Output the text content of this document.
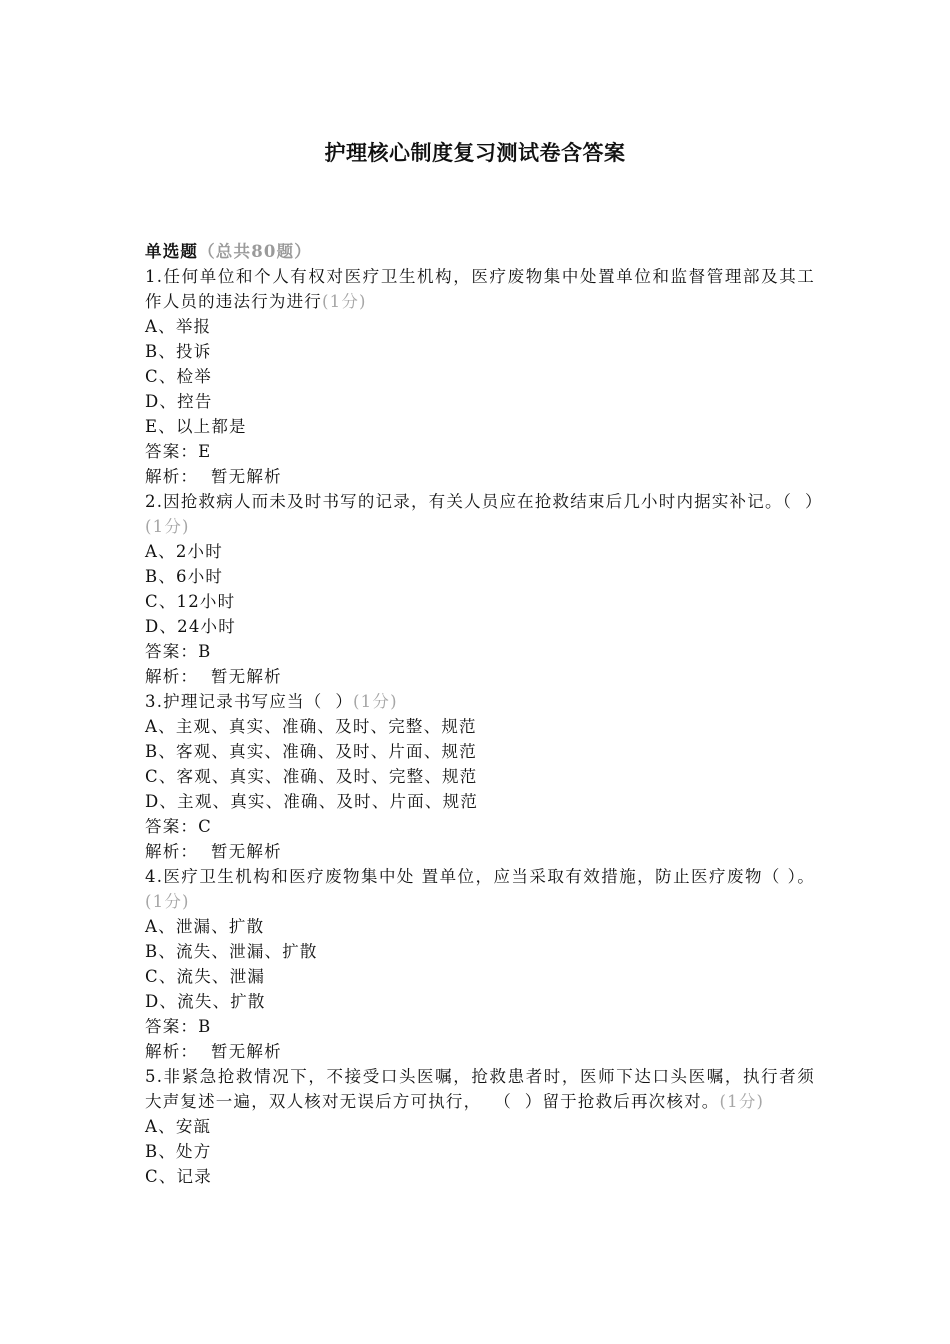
护理核心制度复习测试卷含答案
单选题（总共80题）
1.任何单位和个人有权对医疗卫生机构，医疗废物集中处置单位和监督管理部及其工作人员的违法行为进行(1分)
A、举报
B、投诉
C、检举
D、控告
E、以上都是
答案：E
解析：  暂无解析
2.因抢救病人而未及时书写的记录，有关人员应在抢救结束后几小时内据实补记。（  ）(1分)
A、2小时
B、6小时
C、12小时
D、24小时
答案：B
解析：  暂无解析
3.护理记录书写应当（  ）(1分)
A、主观、真实、准确、及时、完整、规范
B、客观、真实、准确、及时、片面、规范
C、客观、真实、准确、及时、完整、规范
D、主观、真实、准确、及时、片面、规范
答案：C
解析：  暂无解析
4.医疗卫生机构和医疗废物集中处 置单位，应当采取有效措施，防止医疗废物（ ）。(1分)
A、泄漏、扩散
B、流失、泄漏、扩散
C、流失、泄漏
D、流失、扩散
答案：B
解析：  暂无解析
5.非紧急抢救情况下，不接受口头医嘱，抢救患者时，医师下达口头医嘱，执行者须大声复述一遍，双人核对无误后方可执行，  （  ）留于抢救后再次核对。(1分)
A、安瓿
B、处方
C、记录
